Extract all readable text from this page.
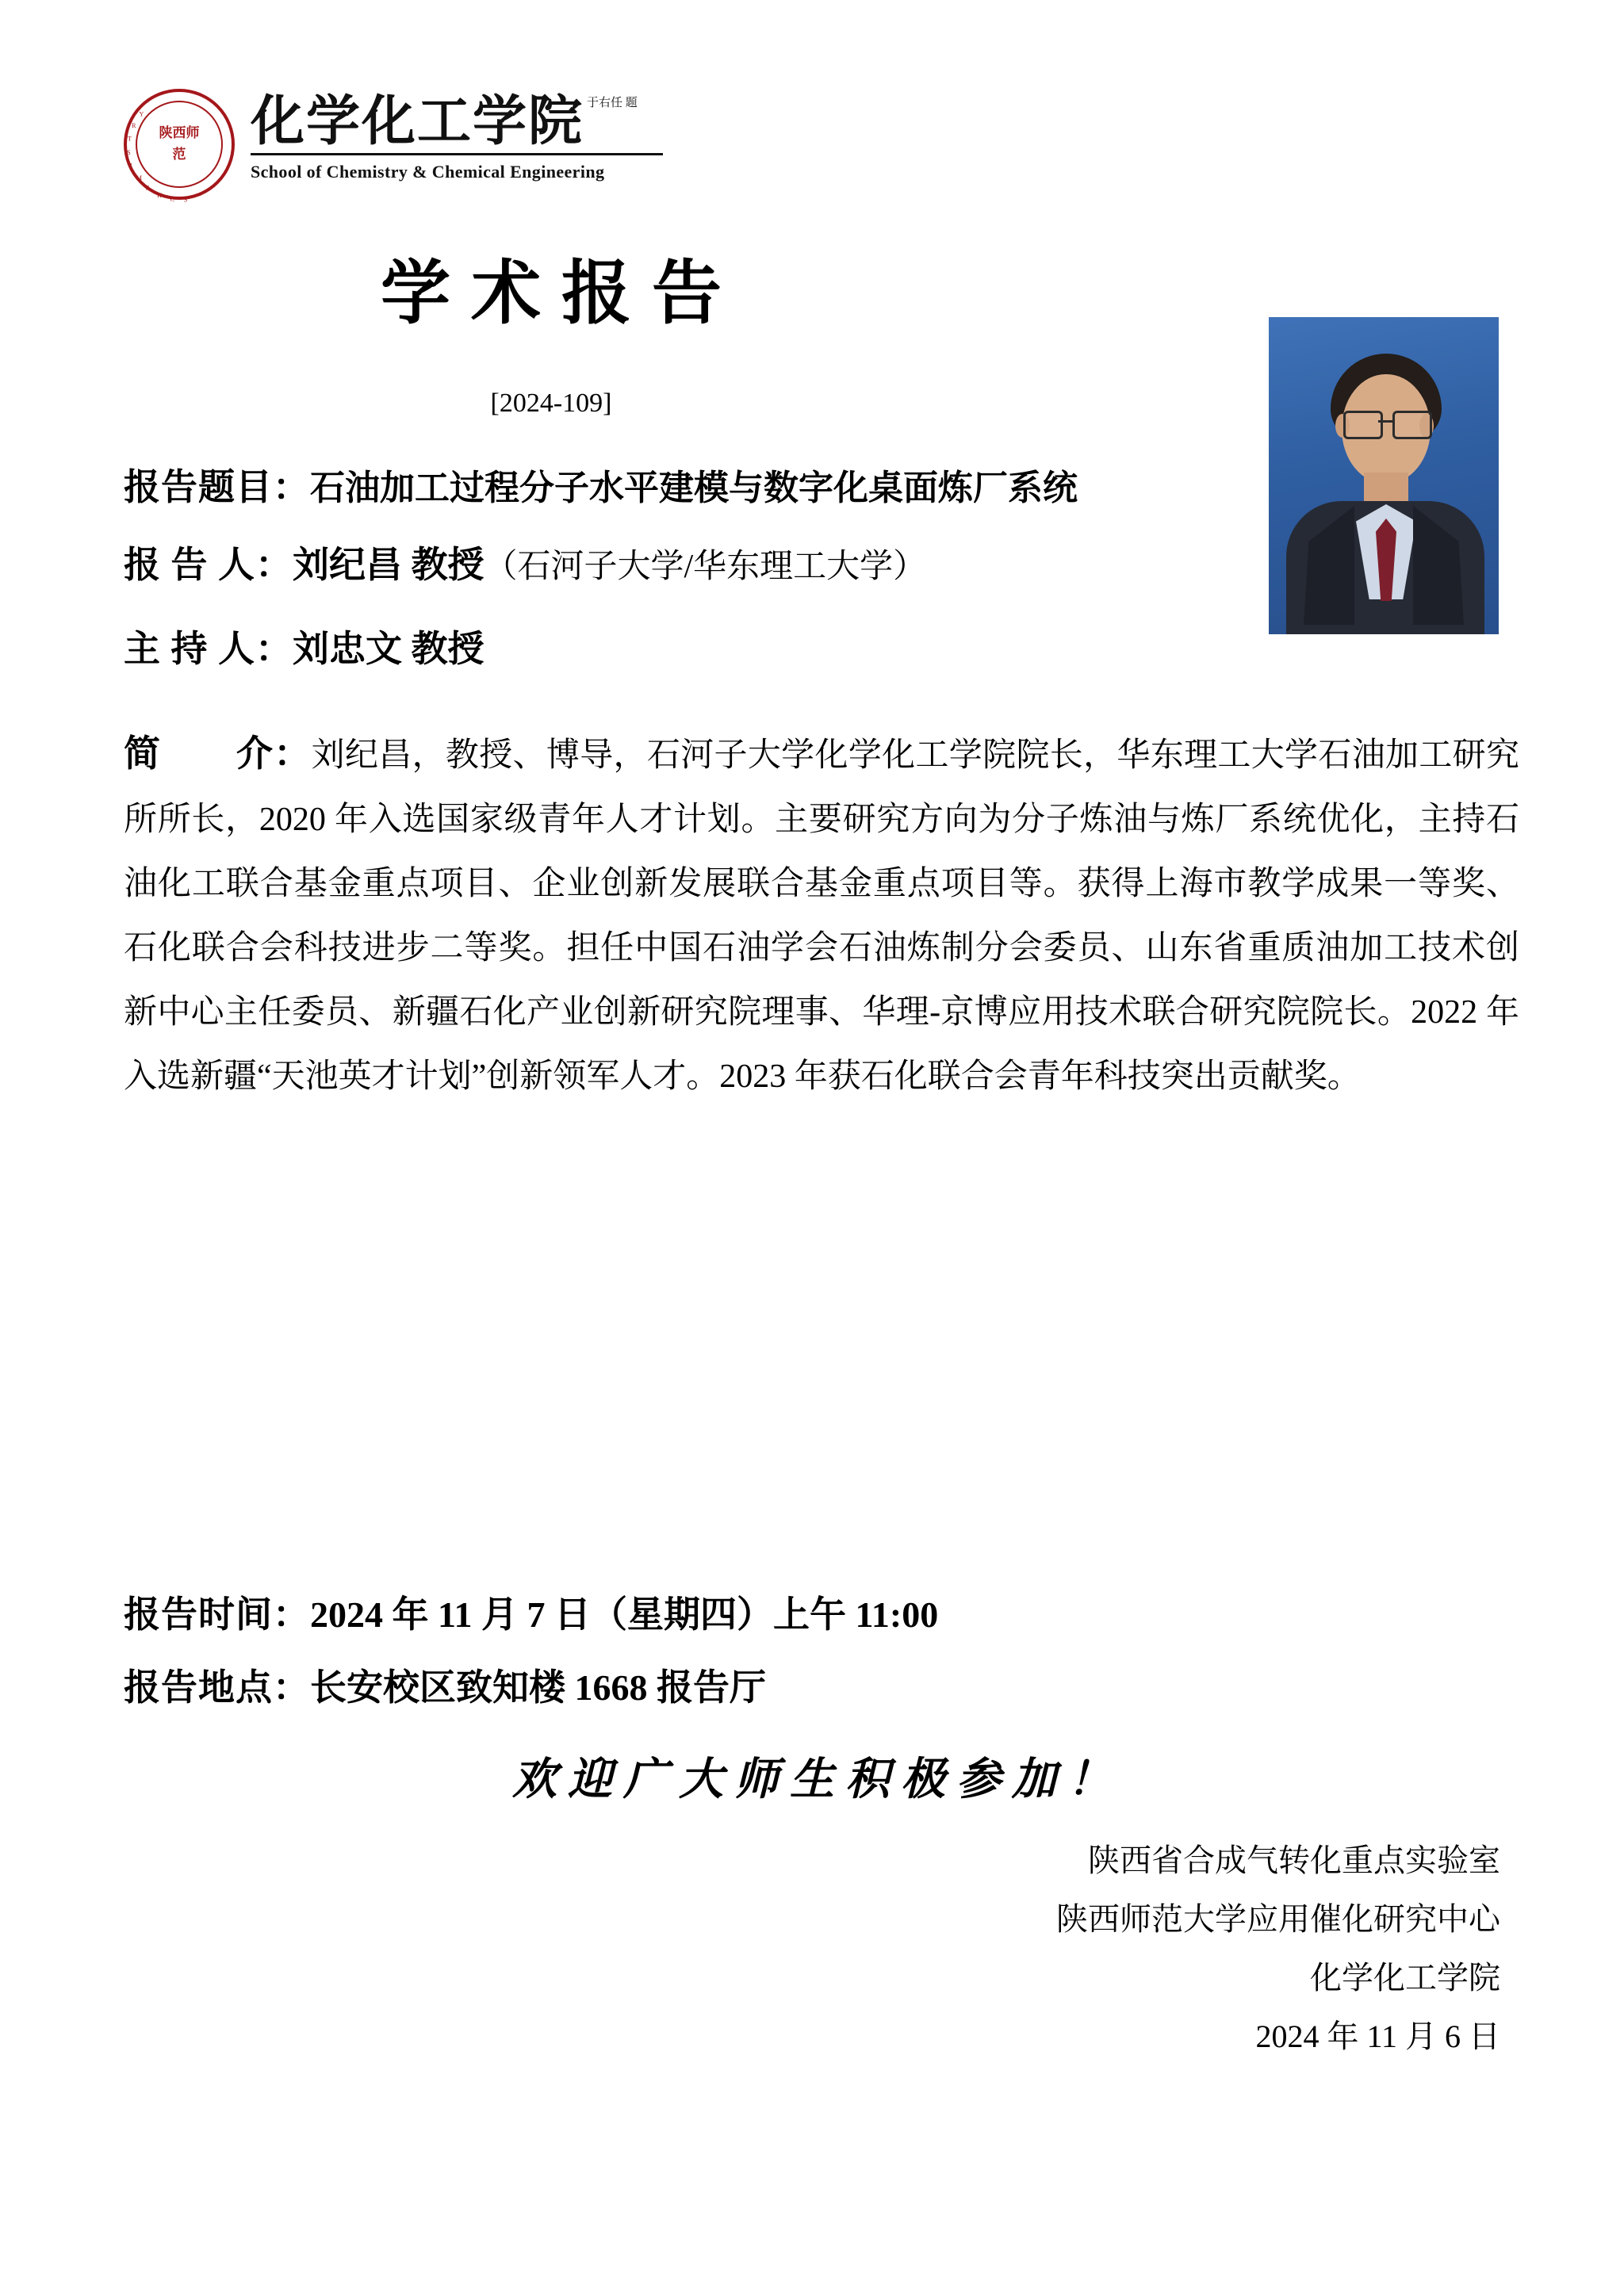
S
C
H
E
M
I
S
T
R
Y
陕西师范
化学化工学院 于右任 题
School of Chemistry & Chemical Engineering
学术报告
[2024-109]
报告题目：石油加工过程分子水平建模与数字化桌面炼厂系统
报 告 人：刘纪昌 教授（石河子大学/华东理工大学）
主 持 人：刘忠文 教授
简　　介：刘纪昌，教授、博导，石河子大学化学化工学院院长，华东理工大学石油加工研究所所长，2020 年入选国家级青年人才计划。主要研究方向为分子炼油与炼厂系统优化，主持石油化工联合基金重点项目、企业创新发展联合基金重点项目等。获得上海市教学成果一等奖、石化联合会科技进步二等奖。担任中国石油学会石油炼制分会委员、山东省重质油加工技术创新中心主任委员、新疆石化产业创新研究院理事、华理-京博应用技术联合研究院院长。2022 年入选新疆“天池英才计划”创新领军人才。2023 年获石化联合会青年科技突出贡献奖。
报告时间：2024 年 11 月 7 日（星期四）上午 11:00
报告地点：长安校区致知楼 1668 报告厅
欢迎广大师生积极参加！
陕西省合成气转化重点实验室
陕西师范大学应用催化研究中心
化学化工学院
2024 年 11 月 6 日
